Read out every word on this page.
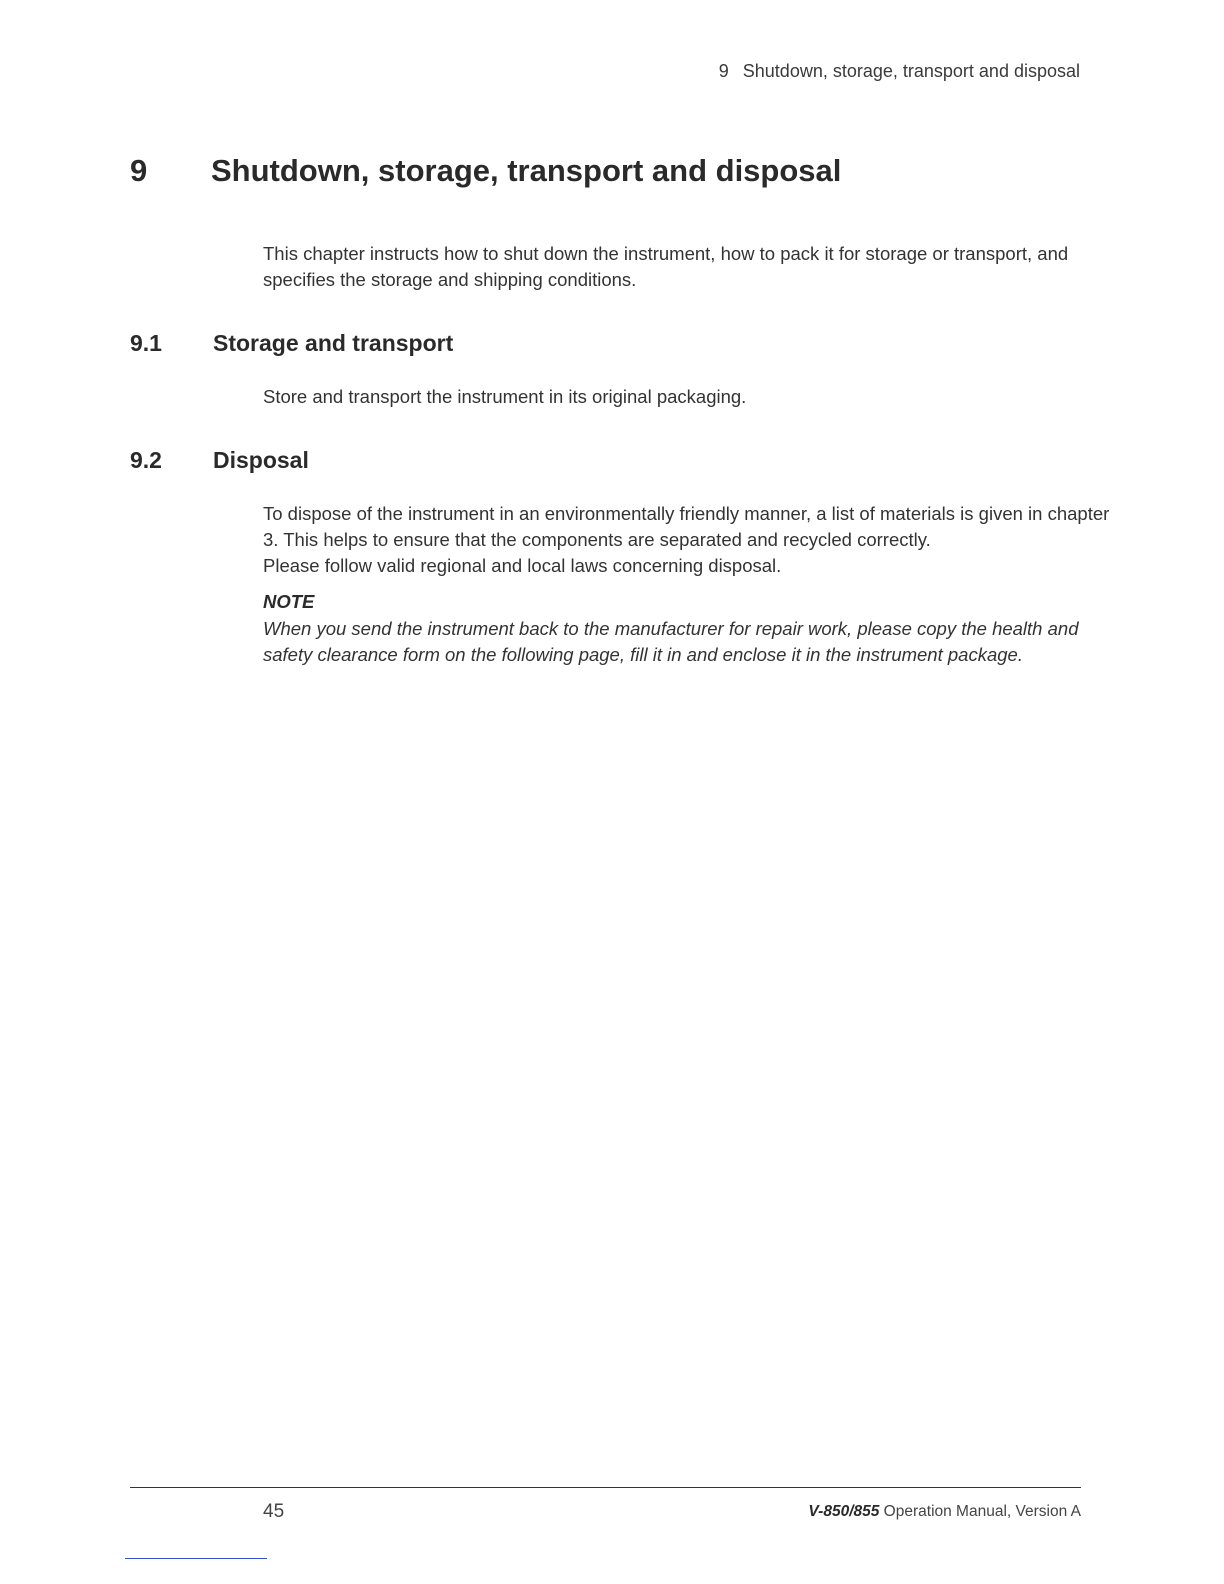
9 Shutdown, storage, transport and disposal
9 Shutdown, storage, transport and disposal
This chapter instructs how to shut down the instrument, how to pack it for storage or transport, and
specifies the storage and shipping conditions.
9.1 Storage and transport
Store and transport the instrument in its original packaging.
9.2 Disposal
To dispose of the instrument in an environmentally friendly manner, a list of materials is given in chapter
3. This helps to ensure that the components are separated and recycled correctly.
Please follow valid regional and local laws concerning disposal.
NOTE
When you send the instrument back to the manufacturer for repair work, please copy the health and
safety clearance form on the following page, fill it in and enclose it in the instrument package.
45	V-850/855 Operation Manual, Version A
